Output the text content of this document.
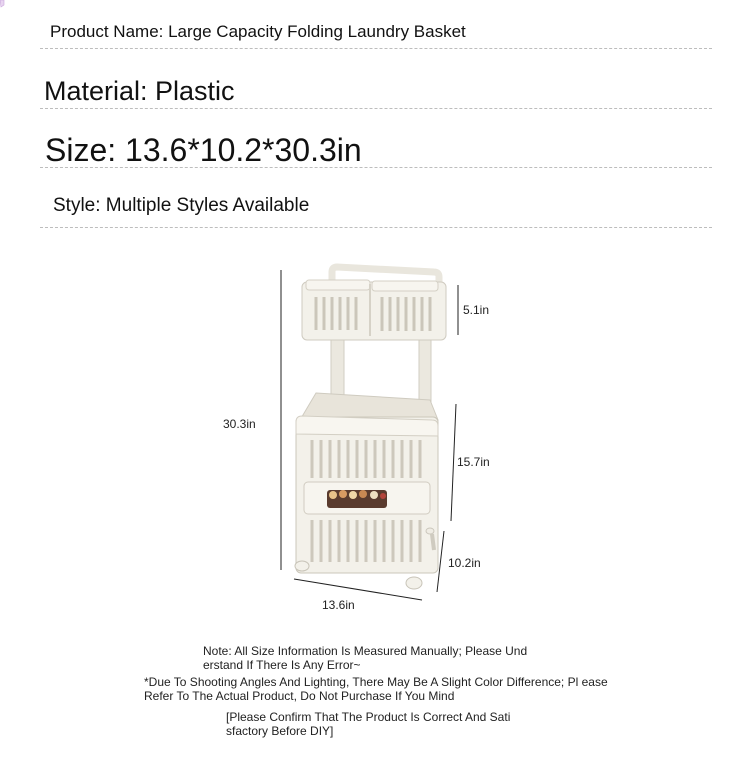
Product Name: Large Capacity Folding Laundry Basket
Material: Plastic
Size: 13.6*10.2*30.3in
Style: Multiple Styles Available
30.3in
5.1in
15.7in
10.2in
13.6in
Note: All Size Information Is Measured Manually; Please Und erstand If There Is Any Error~
*Due To Shooting Angles And Lighting, There May Be A Slight Color Difference; Pl ease Refer To The Actual Product, Do Not Purchase If You Mind
[Please Confirm That The Product Is Correct And Sati sfactory Before DIY]
